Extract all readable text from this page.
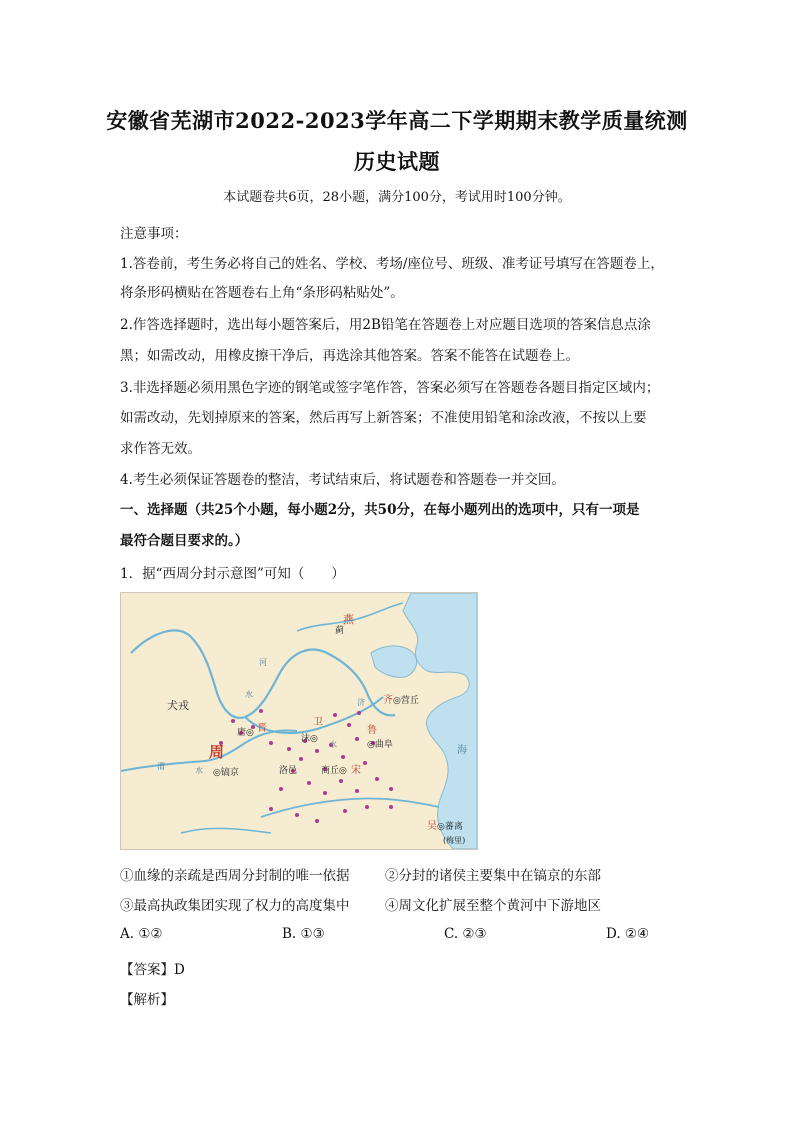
安徽省芜湖市2022-2023学年高二下学期期末教学质量统测
历史试题
本试题卷共6页，28小题，满分100分，考试用时100分钟。
注意事项：
1.答卷前，考生务必将自己的姓名、学校、考场/座位号、班级、准考证号填写在答题卷上，
将条形码横贴在答题卷右上角“条形码粘贴处”。
2.作答选择题时，选出每小题答案后，用2B铅笔在答题卷上对应题目选项的答案信息点涂
黑；如需改动，用橡皮擦干净后，再选涂其他答案。答案不能答在试题卷上。
3.非选择题必须用黑色字迹的钢笔或签字笔作答，答案必须写在答题卷各题目指定区域内；
如需改动，先划掉原来的答案，然后再写上新答案；不准使用铅笔和涂改液，不按以上要
求作答无效。
4.考生必须保证答题卷的整洁，考试结束后，将试题卷和答题卷一并交回。
一、选择题（共25个小题，每小题2分，共50分，在每小题列出的选项中，只有一项是
最符合题目要求的。）
1．据“西周分封示意图”可知（　　）
燕
蓟
犬戎
周
◎镐京
晋
唐◎
卫
沫◎
齐 ◎营丘
鲁
◎曲阜
洛邑	商丘◎ 宋
吴 ◎蕃离
(梅里)
海
河
渭	水
水
水
济
①血缘的亲疏是西周分封制的唯一依据	②分封的诸侯主要集中在镐京的东部
③最高执政集团实现了权力的高度集中	④周文化扩展至整个黄河中下游地区
A. ①②	B. ①③	C. ②③	D. ②④
【答案】D
【解析】
